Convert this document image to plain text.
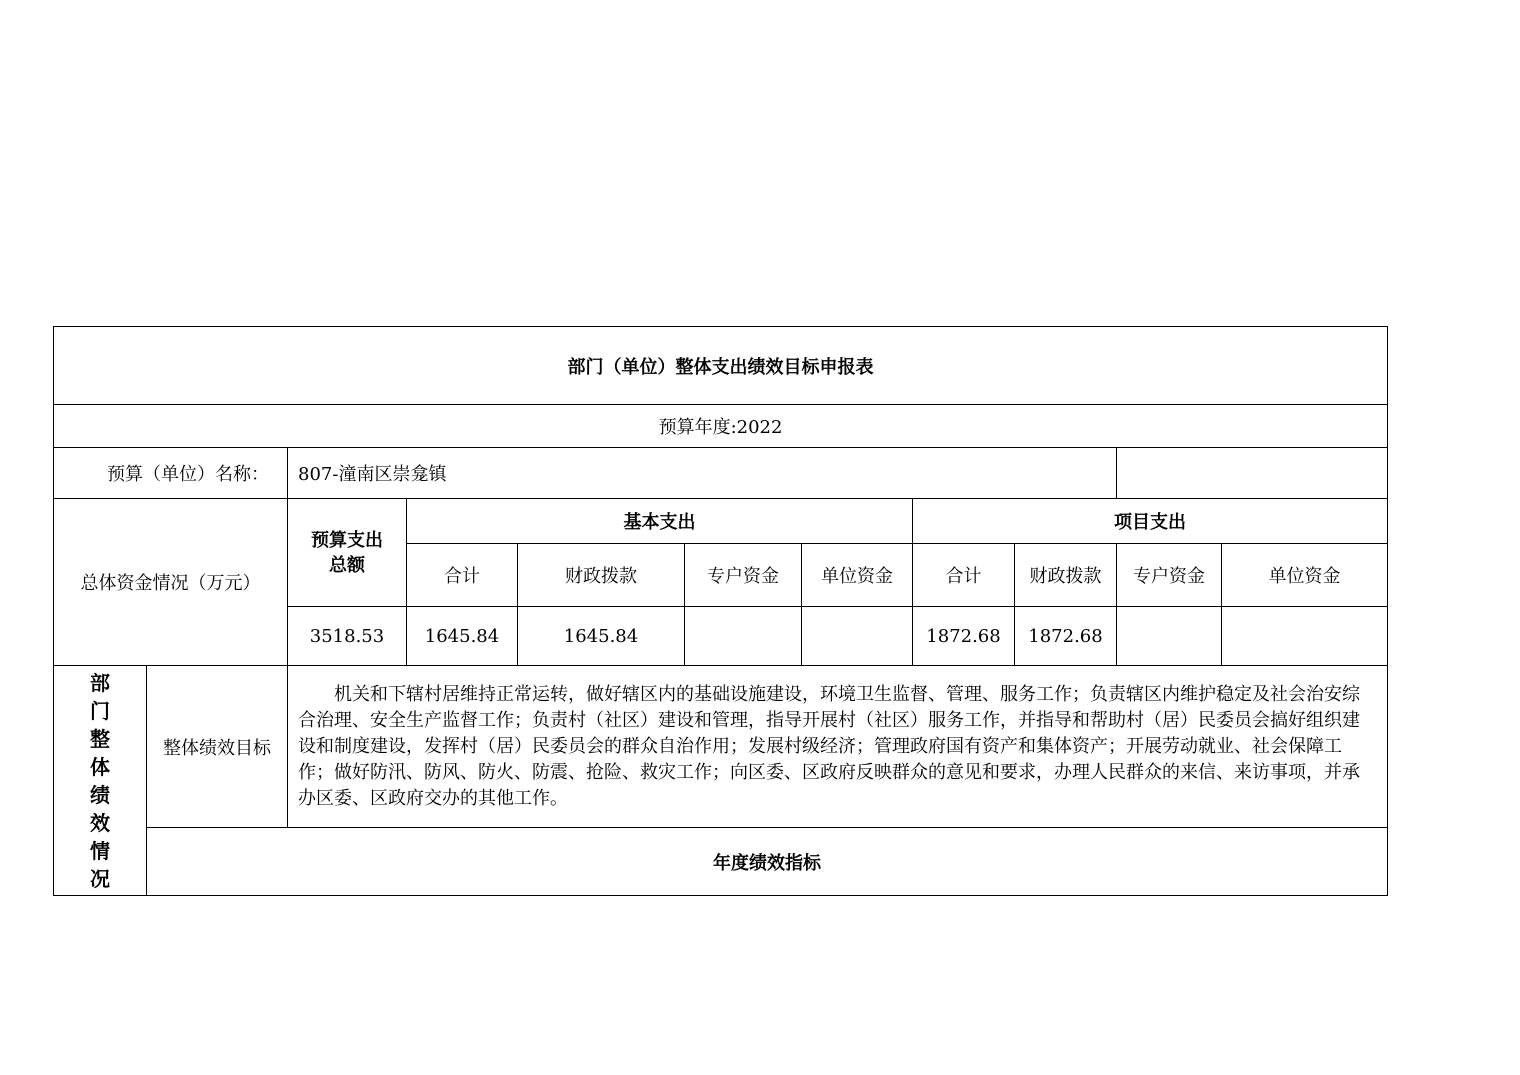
部门（单位）整体支出绩效目标申报表										
预算年度:2022										
预算（单位）名称：		807-潼南区崇龛镇								
总体资金情况（万元）		预算支出总额	基本支出				项目支出			
			合计	财政拨款	专户资金	单位资金	合计	财政拨款	专户资金	单位资金
		3518.53	1645.84	1645.84			1872.68	1872.68		

部门整体绩效情况	整体绩效目标	机关和下辖村居维持正常运转，做好辖区内的基础设施建设，环境卫生监督、管理、服务工作；负责辖区内维护稳定及社会治安综合治理、安全生产监督工作；负责村（社区）建设和管理，指导开展村（社区）服务工作，并指导和帮助村（居）民委员会搞好组织建设和制度建设，发挥村（居）民委员会的群众自治作用；发展村级经济；管理政府国有资产和集体资产；开展劳动就业、社会保障工作；做好防汛、防风、防火、防震、抢险、救灾工作；向区委、区政府反映群众的意见和要求，办理人民群众的来信、来访事项，并承办区委、区政府交办的其他工作。								
	年度绩效指标									
